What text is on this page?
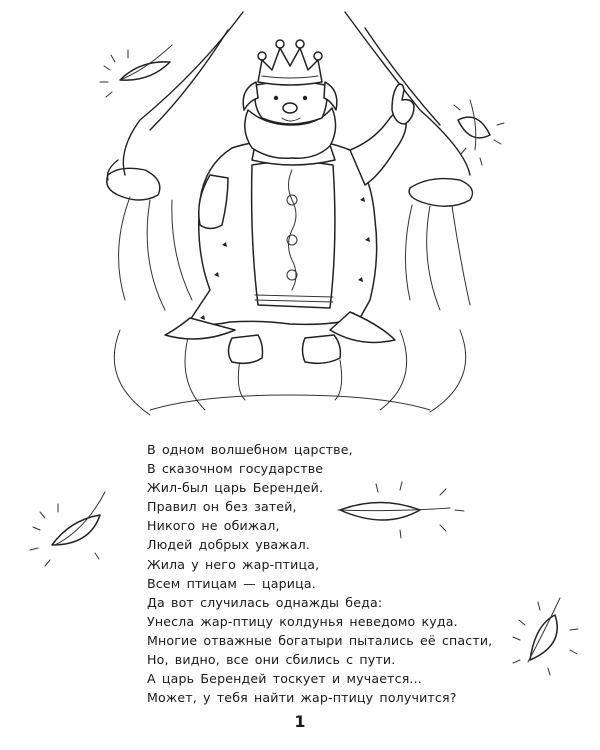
В одном волшебном царстве,
В сказочном государстве
Жил-был царь Берендей.
Правил он без затей,
Никого не обижал,
Людей добрых уважал.
Жила у него жар-птица,
Всем птицам — царица.
Да вот случилась однажды беда:
Унесла жар-птицу колдунья неведомо куда.
Многие отважные богатыри пытались её спасти,
Но, видно, все они сбились с пути.
А царь Берендей тоскует и мучается...
Может, у тебя найти жар-птицу получится?
1
